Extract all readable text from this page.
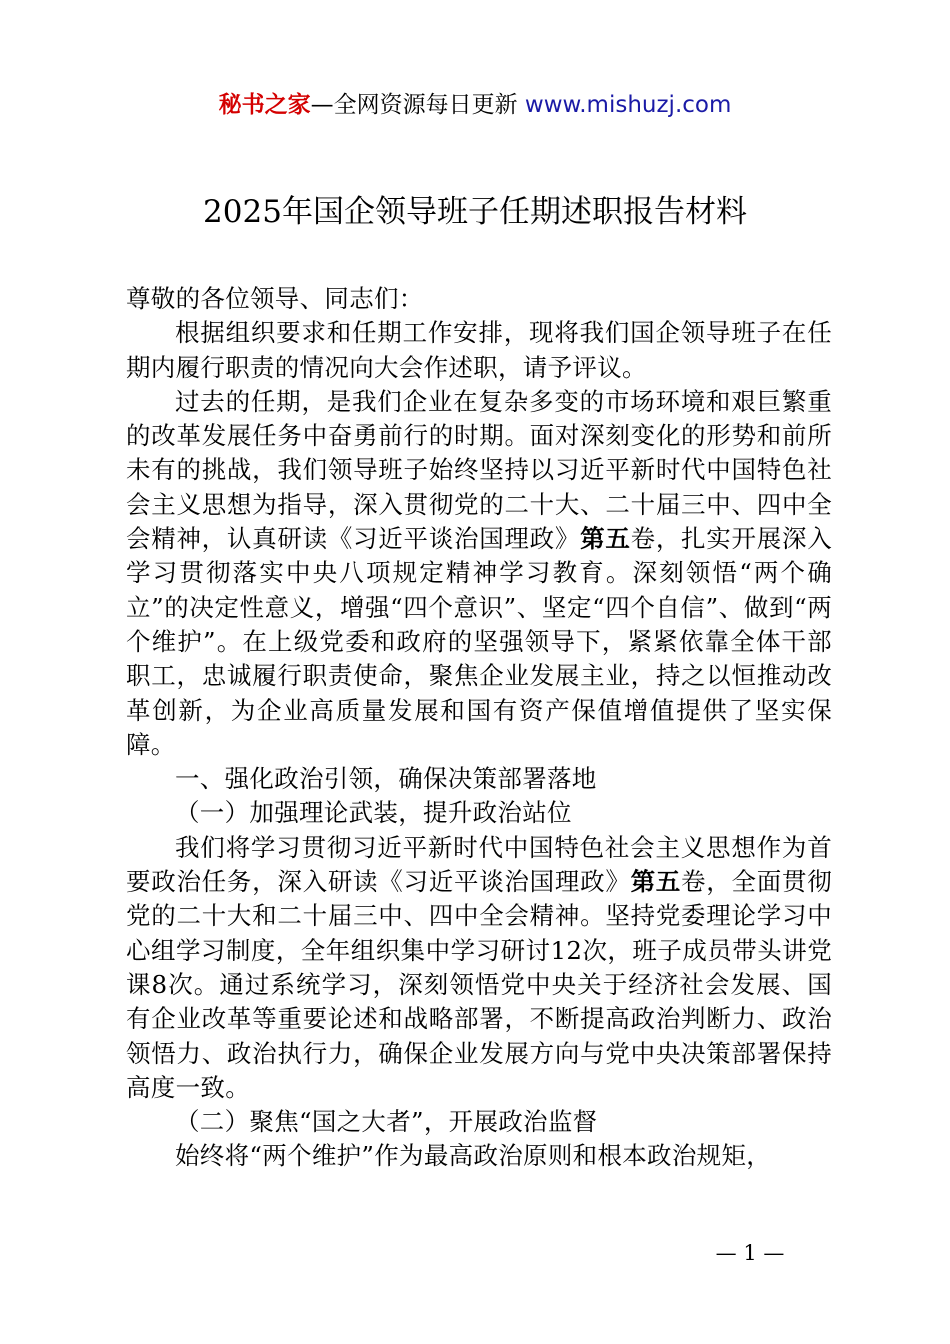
秘书之家—全网资源每日更新 www.mishuzj.com
2025年国企领导班子任期述职报告材料

尊敬的各位领导、同志们：

根据组织要求和任期工作安排，现将我们国企领导班子在任期内履行职责的情况向大会作述职，请予评议。

过去的任期，是我们企业在复杂多变的市场环境和艰巨繁重的改革发展任务中奋勇前行的时期。面对深刻变化的形势和前所未有的挑战，我们领导班子始终坚持以习近平新时代中国特色社会主义思想为指导，深入贯彻党的二十大、二十届三中、四中全会精神，认真研读《习近平谈治国理政》第五卷，扎实开展深入学习贯彻落实中央八项规定精神学习教育。深刻领悟“两个确立”的决定性意义，增强“四个意识”、坚定“四个自信”、做到“两个维护”。在上级党委和政府的坚强领导下，紧紧依靠全体干部职工，忠诚履行职责使命，聚焦企业发展主业，持之以恒推动改革创新，为企业高质量发展和国有资产保值增值提供了坚实保障。

一、强化政治引领，确保决策部署落地

（一）加强理论武装，提升政治站位

我们将学习贯彻习近平新时代中国特色社会主义思想作为首要政治任务，深入研读《习近平谈治国理政》第五卷，全面贯彻党的二十大和二十届三中、四中全会精神。坚持党委理论学习中心组学习制度，全年组织集中学习研讨12次，班子成员带头讲党课8次。通过系统学习，深刻领悟党中央关于经济社会发展、国有企业改革等重要论述和战略部署，不断提高政治判断力、政治领悟力、政治执行力，确保企业发展方向与党中央决策部署保持高度一致。

（二）聚焦“国之大者”，开展政治监督

始终将“两个维护”作为最高政治原则和根本政治规矩，

— 1 —
